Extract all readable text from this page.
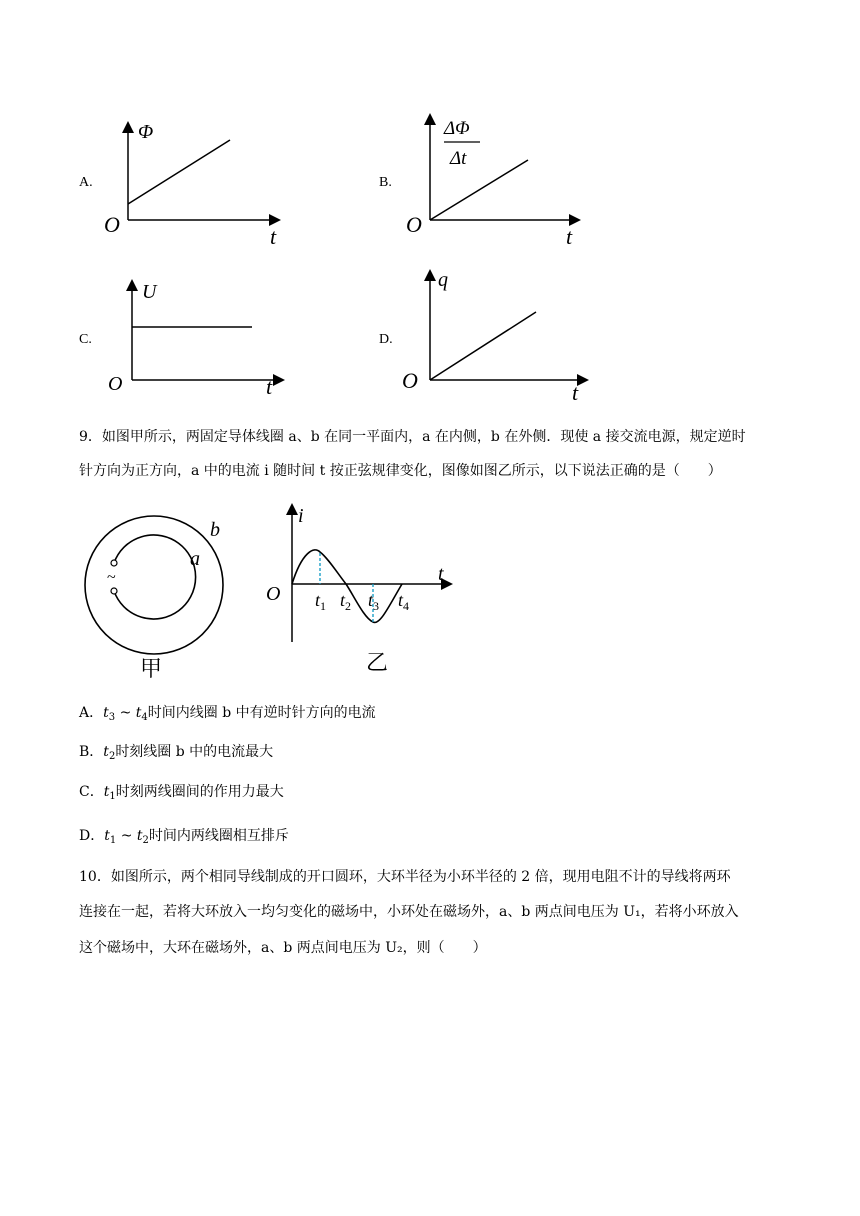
A.
Φ
O	t
B.
ΔΦ
Δt
O	t
C.
U
O	t
D.
q
O	t
9．如图甲所示，两固定导体线圈 a、b 在同一平面内，a 在内侧，b 在外侧．现使 a 接交流电源，规定逆时
针方向为正方向，a 中的电流 i 随时间 t 按正弦规律变化，图像如图乙所示，以下说法正确的是（　　）
~
b
a
甲
i
t
O $t_1$ $t_2$ $t_3$ $t_4$
乙
A．$t_3$ ~ $t_4$时间内线圈 b 中有逆时针方向的电流
B．$t_2$时刻线圈 b 中的电流最大
C．$t_1$时刻两线圈间的作用力最大
D．$t_1$ ~ $t_2$时间内两线圈相互排斥
10．如图所示，两个相同导线制成的开口圆环，大环半径为小环半径的 2 倍，现用电阻不计的导线将两环
连接在一起，若将大环放入一均匀变化的磁场中，小环处在磁场外，a、b 两点间电压为 U₁，若将小环放入
这个磁场中，大环在磁场外，a、b 两点间电压为 U₂，则（　　）
